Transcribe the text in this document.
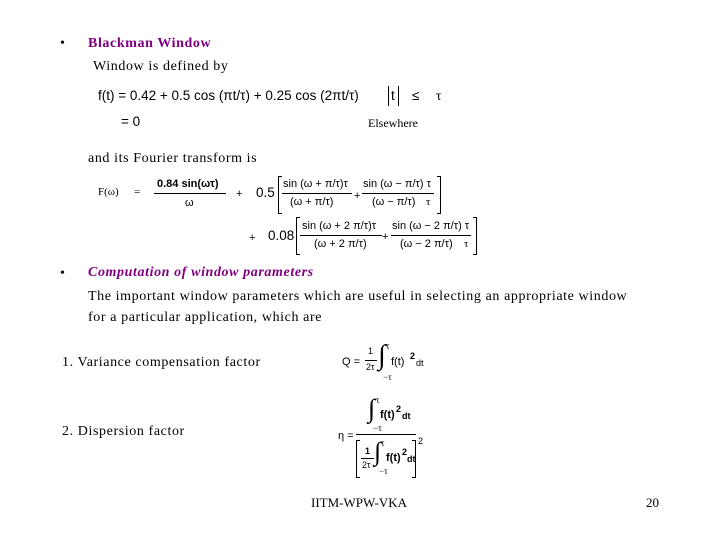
• Blackman Window
Window is defined by
f(t) = 0.42 + 0.5 cos (πt/τ) + 0.25 cos (2πt/τ) t ≤ τ
= 0	Elsewhere
and its Fourier transform is
F(ω) =
0.84 sin(ωτ)
ω
+ 0.5
sin (ω + π/τ)τ
(ω + π/τ) +
sin (ω − π/τ) τ
(ω − π/τ) τ
+ 0.08
sin (ω + 2 π/τ)τ
(ω + 2 π/τ)
+
sin (ω − 2 π/τ) τ
(ω − 2 π/τ) τ
• Computation of window parameters
The important window parameters which are useful in selecting an appropriate window
for a particular application, which are
1. Variance compensation factor	Q =
1
2τ ∫ τ
−τ
f(t) 2
dt
2. Dispersion factor	η =
∫ τ
−τ
f(t) 2
dt
1
2τ ∫ τ
−τ
f(t) 2
dt
2
IITM-WPW-VKA	20
